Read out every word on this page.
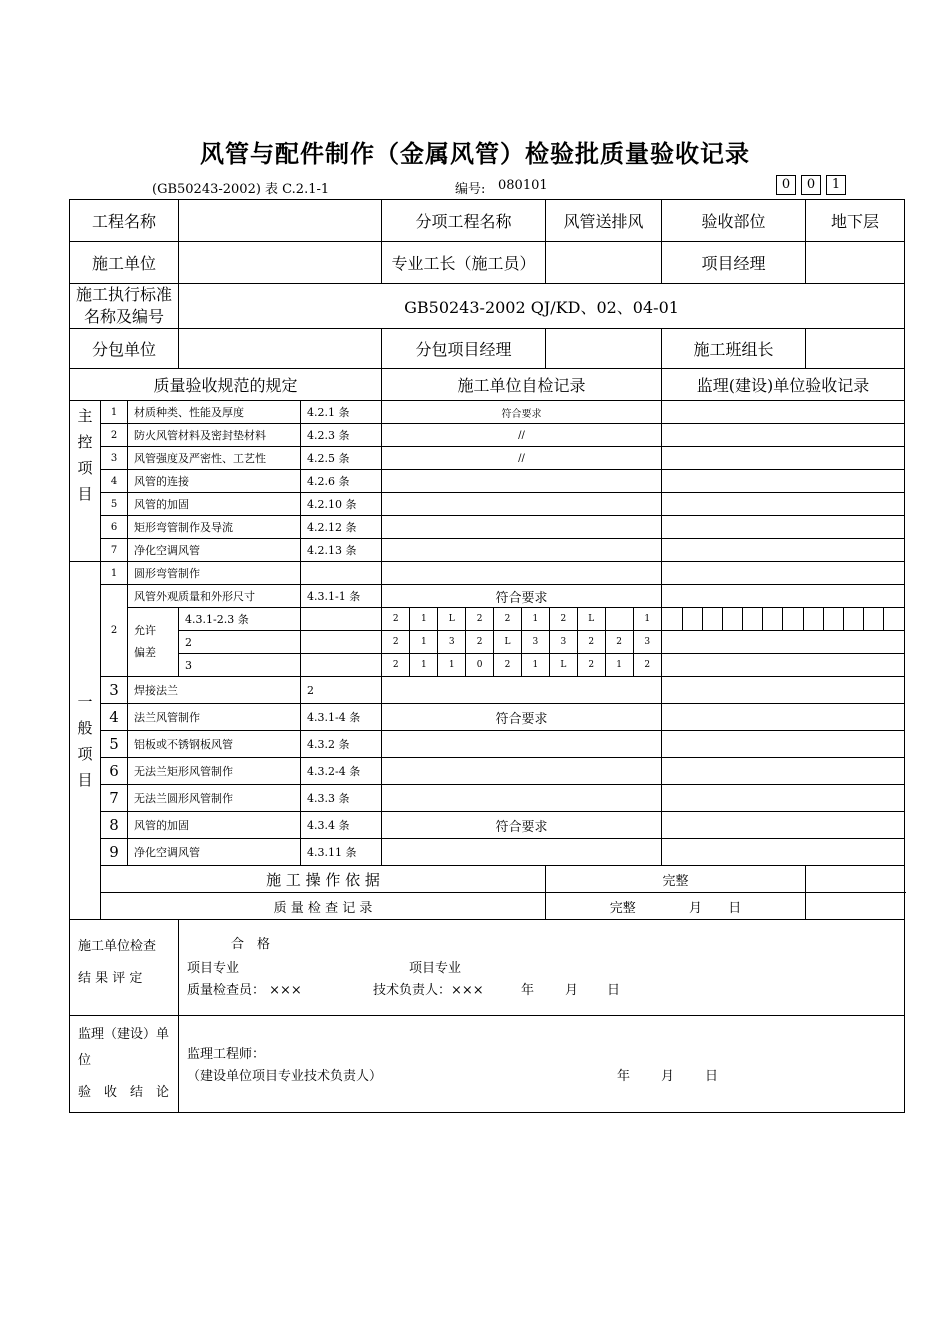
风管与配件制作（金属风管）检验批质量验收记录
(GB50243-2002) 表 C.2.1-1	编号: 080101	0	0	1
工程名称		分项工程名称	风管送排风	验收部位	地下层
施工单位		专业工长（施工员）		项目经理	
施工执行标准名称及编号	GB50243-2002 QJ/KD、02、04-01
分包单位		分包项目经理		施工班组长	
质量验收规范的规定	施工单位自检记录	监理(建设)单位验收记录
主控项目	1	材质种类、性能及厚度	4.2.1 条	符合要求	
2	防火风管材料及密封垫材料	4.2.3 条	//	
3	风管强度及严密性、工艺性	4.2.5 条	//	
4	风管的连接	4.2.6 条		
5	风管的加固	4.2.10 条		
6	矩形弯管制作及导流	4.2.12 条		
7	净化空调风管	4.2.13 条		
一般项目	1	圆形弯管制作			
2	风管外观质量和外形尺寸	4.3.1-1 条	符合要求	

允许
偏差
	4.3.1-2.3 条			2	1	L	2	2	1	2	L		1

2			2	1	3	2	L	3	3	2	2	3

3			2	1	1	0	2	1	L	2	1	2

3	焊接法兰	2		
4	法兰风管制作	4.3.1-4 条	符合要求	
5	铝板或不锈钢板风管	4.3.2 条		
6	无法兰矩形风管制作	4.3.2-4 条		
7	无法兰圆形风管制作	4.3.3 条		
8	风管的加固	4.3.4 条	符合要求	
9	净化空调风管	4.3.11 条		
施 工 操 作 依 据	完整	
质 量 检 查 记 录	完整	月 日	

施工单位检查
结 果 评 定

合　格
项目专业	项目专业
质量检查员： ×××	技术负责人：×××	年 月 日

监理（建设）单位
验　收　结　论

监理工程师：
（建设单位项目专业技术负责人）	年 月 日
